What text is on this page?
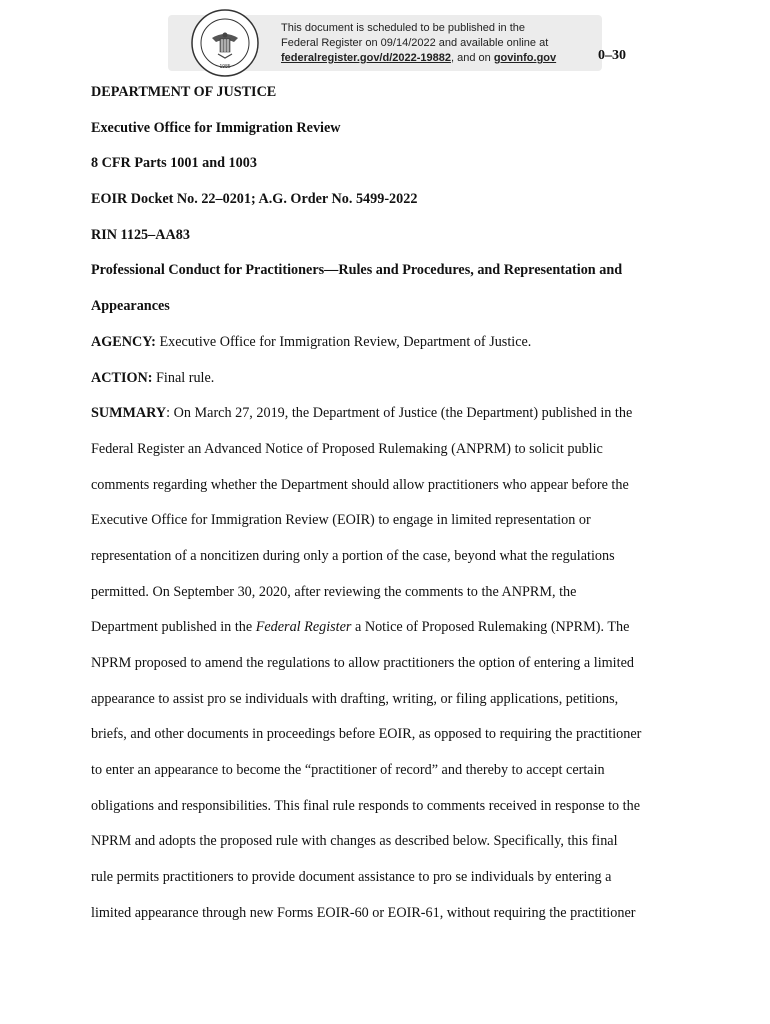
1985
This document is scheduled to be published in the
Federal Register on 09/14/2022 and available online at
federalregister.gov/d/2022-19882, and on govinfo.gov	0–30
DEPARTMENT OF JUSTICE
Executive Office for Immigration Review
8 CFR Parts 1001 and 1003
EOIR Docket No. 22–0201; A.G. Order No. 5499-2022
RIN 1125–AA83
Professional Conduct for Practitioners—Rules and Procedures, and Representation and
Appearances
AGENCY: Executive Office for Immigration Review, Department of Justice.
ACTION: Final rule.
SUMMARY: On March 27, 2019, the Department of Justice (the Department) published in the
Federal Register an Advanced Notice of Proposed Rulemaking (ANPRM) to solicit public
comments regarding whether the Department should allow practitioners who appear before the
Executive Office for Immigration Review (EOIR) to engage in limited representation or
representation of a noncitizen during only a portion of the case, beyond what the regulations
permitted. On September 30, 2020, after reviewing the comments to the ANPRM, the
Department published in the Federal Register a Notice of Proposed Rulemaking (NPRM). The
NPRM proposed to amend the regulations to allow practitioners the option of entering a limited
appearance to assist pro se individuals with drafting, writing, or filing applications, petitions,
briefs, and other documents in proceedings before EOIR, as opposed to requiring the practitioner
to enter an appearance to become the “practitioner of record” and thereby to accept certain
obligations and responsibilities. This final rule responds to comments received in response to the
NPRM and adopts the proposed rule with changes as described below. Specifically, this final
rule permits practitioners to provide document assistance to pro se individuals by entering a
limited appearance through new Forms EOIR-60 or EOIR-61, without requiring the practitioner
